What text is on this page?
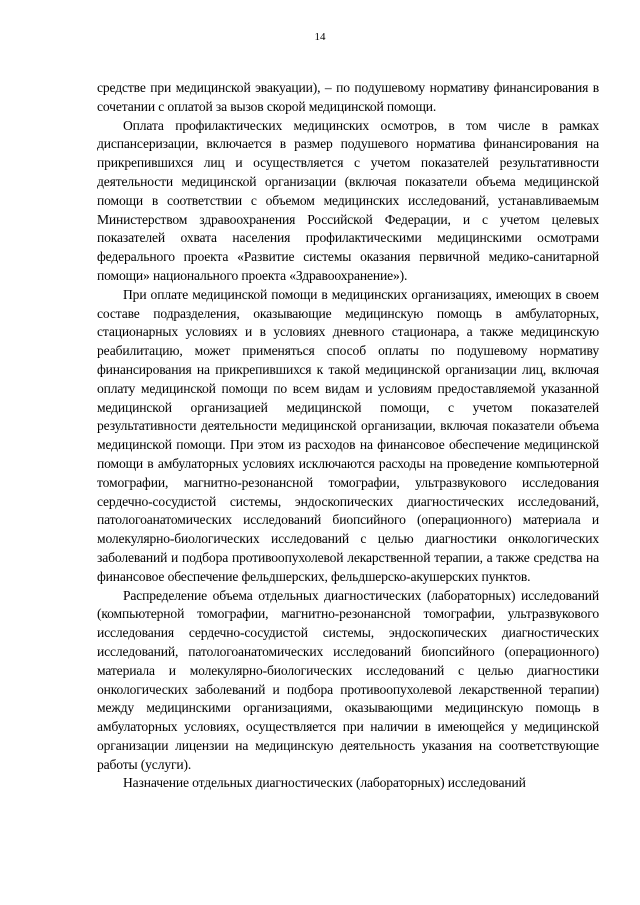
14

средстве при медицинской эвакуации), – по подушевому нормативу финансирования в сочетании с оплатой за вызов скорой медицинской помощи.

Оплата профилактических медицинских осмотров, в том числе в рамках диспансеризации, включается в размер подушевого норматива финансирования на прикрепившихся лиц и осуществляется с учетом показателей результативности деятельности медицинской организации (включая показатели объема медицинской помощи в соответствии с объемом медицинских исследований, устанавливаемым Министерством здравоохранения Российской Федерации, и с учетом целевых показателей охвата населения профилактическими медицинскими осмотрами федерального проекта «Развитие системы оказания первичной медико-санитарной помощи» национального проекта «Здравоохранение»).

При оплате медицинской помощи в медицинских организациях, имеющих в своем составе подразделения, оказывающие медицинскую помощь в амбулаторных, стационарных условиях и в условиях дневного стационара, а также медицинскую реабилитацию, может применяться способ оплаты по подушевому нормативу финансирования на прикрепившихся к такой медицинской организации лиц, включая оплату медицинской помощи по всем видам и условиям предоставляемой указанной медицинской организацией медицинской помощи, с учетом показателей результативности деятельности медицинской организации, включая показатели объема медицинской помощи. При этом из расходов на финансовое обеспечение медицинской помощи в амбулаторных условиях исключаются расходы на проведение компьютерной томографии, магнитно-резонансной томографии, ультразвукового исследования сердечно-сосудистой системы, эндоскопических диагностических исследований, патологоанатомических исследований биопсийного (операционного) материала и молекулярно-биологических исследований с целью диагностики онкологических заболеваний и подбора противоопухолевой лекарственной терапии, а также средства на финансовое обеспечение фельдшерских, фельдшерско-акушерских пунктов.

Распределение объема отдельных диагностических (лабораторных) исследований (компьютерной томографии, магнитно-резонансной томографии, ультразвукового исследования сердечно-сосудистой системы, эндоскопических диагностических исследований, патологоанатомических исследований биопсийного (операционного) материала и молекулярно-биологических исследований с целью диагностики онкологических заболеваний и подбора противоопухолевой лекарственной терапии) между медицинскими организациями, оказывающими медицинскую помощь в амбулаторных условиях, осуществляется при наличии в имеющейся у медицинской организации лицензии на медицинскую деятельность указания на соответствующие работы (услуги).

Назначение отдельных диагностических (лабораторных) исследований
